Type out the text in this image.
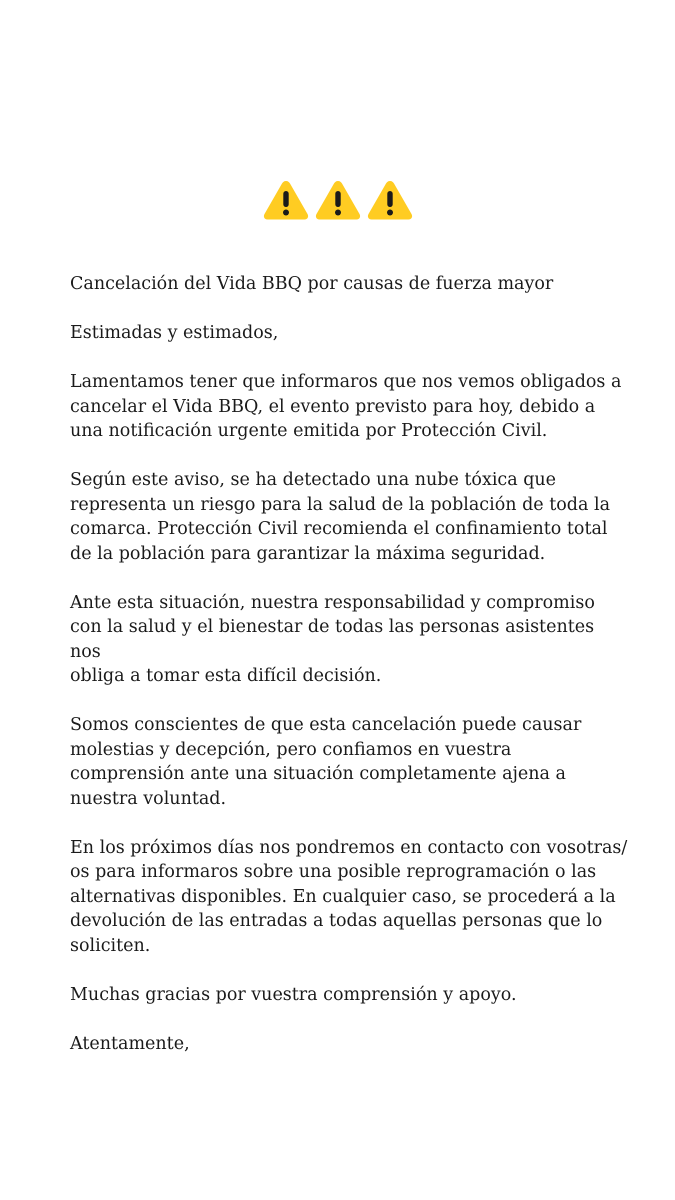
Cancelación del Vida BBQ por causas de fuerza mayor

Estimadas y estimados,

Lamentamos tener que informaros que nos vemos obligados a
cancelar el Vida BBQ, el evento previsto para hoy, debido a
una notificación urgente emitida por Protección Civil.

Según este aviso, se ha detectado una nube tóxica que
representa un riesgo para la salud de la población de toda la
comarca. Protección Civil recomienda el confinamiento total
de la población para garantizar la máxima seguridad.

Ante esta situación, nuestra responsabilidad y compromiso
con la salud y el bienestar de todas las personas asistentes nos
obliga a tomar esta difícil decisión.

Somos conscientes de que esta cancelación puede causar
molestias y decepción, pero confiamos en vuestra
comprensión ante una situación completamente ajena a
nuestra voluntad.

En los próximos días nos pondremos en contacto con vosotras/
os para informaros sobre una posible reprogramación o las
alternativas disponibles. En cualquier caso, se procederá a la
devolución de las entradas a todas aquellas personas que lo
soliciten.

Muchas gracias por vuestra comprensión y apoyo.

Atentamente,
